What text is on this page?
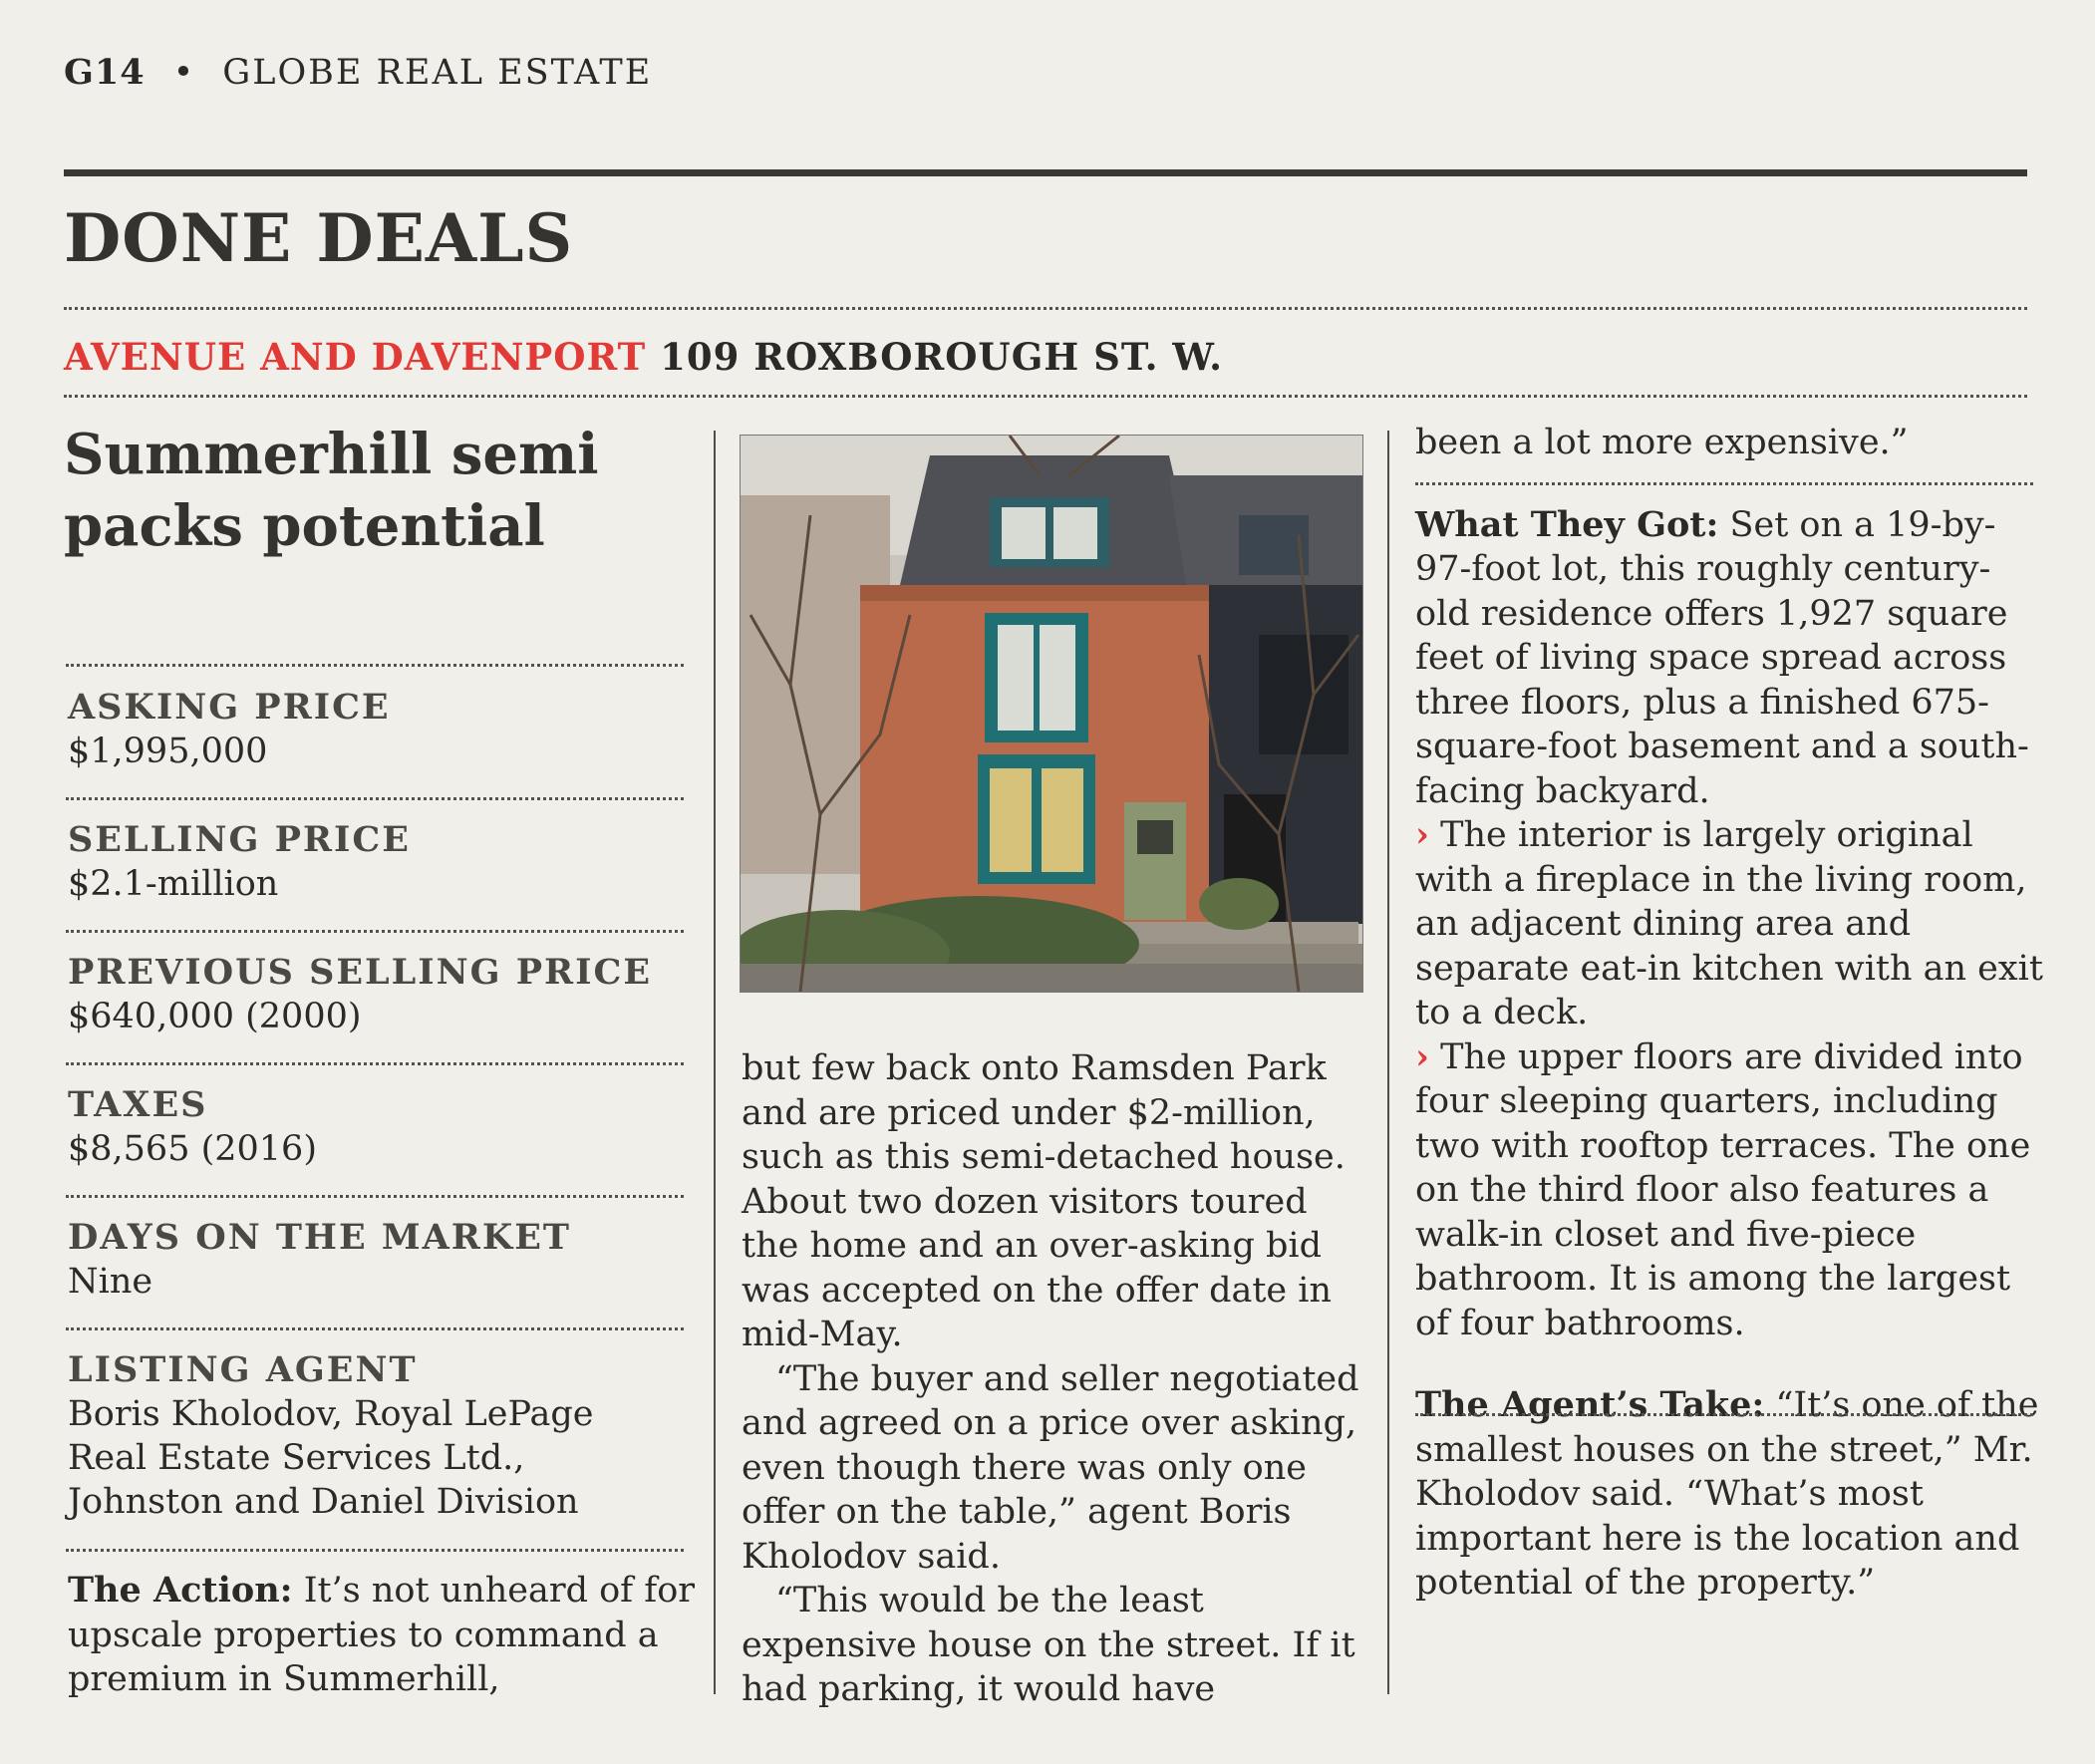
G14 • GLOBE REAL ESTATE
DONE DEALS
AVENUE AND DAVENPORT 109 ROXBOROUGH ST. W.
Summerhill semi packs potential
ASKING PRICE
$1,995,000
SELLING PRICE
$2.1-million
PREVIOUS SELLING PRICE
$640,000 (2000)
TAXES
$8,565 (2016)
DAYS ON THE MARKET
Nine
LISTING AGENT
Boris Kholodov, Royal LePage Real Estate Services Ltd., Johnston and Daniel Division

The Action: It’s not unheard of for upscale properties to command a premium in Summerhill,

but few back onto Ramsden Park and are priced under $2-million, such as this semi-detached house. About two dozen visitors toured the home and an over-asking bid was accepted on the offer date in mid-May.

“The buyer and seller negotiated and agreed on a price over asking, even though there was only one offer on the table,” agent Boris Kholodov said.

“This would be the least expensive house on the street. If it had parking, it would have

been a lot more expensive.”

What They Got: Set on a 19-by-97-foot lot, this roughly century-old residence offers 1,927 square feet of living space spread across three floors, plus a finished 675-square-foot basement and a south-facing backyard.

› The interior is largely original with a fireplace in the living room, an adjacent dining area and separate eat-in kitchen with an exit to a deck.

› The upper floors are divided into four sleeping quarters, including two with rooftop terraces. The one on the third floor also features a walk-in closet and five-piece bathroom. It is among the largest of four bathrooms.

The Agent’s Take: “It’s one of the smallest houses on the street,” Mr. Kholodov said. “What’s most important here is the location and potential of the property.”
